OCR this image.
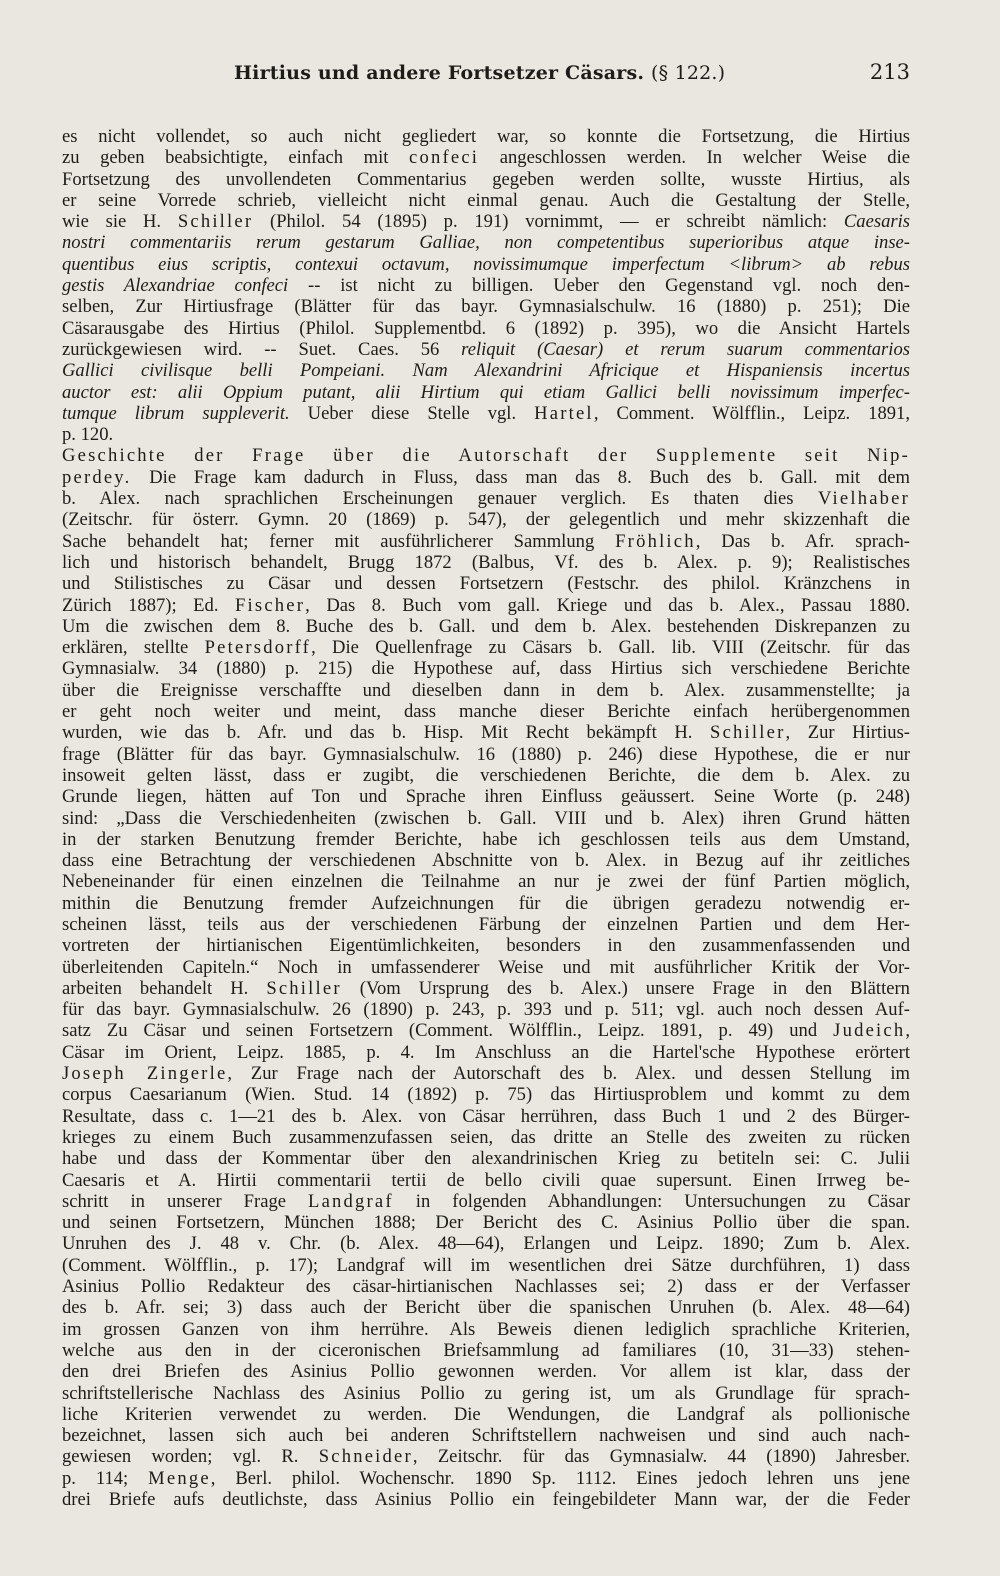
Hirtius und andere Fortsetzer Cäsars. (§ 122.)	213
es nicht vollendet, so auch nicht gegliedert war, so konnte die Fortsetzung, die Hirtius
zu geben beabsichtigte, einfach mit confeci angeschlossen werden. In welcher Weise die
Fortsetzung des unvollendeten Commentarius gegeben werden sollte, wusste Hirtius, als
er seine Vorrede schrieb, vielleicht nicht einmal genau. Auch die Gestaltung der Stelle,
wie sie H. Schiller (Philol. 54 (1895) p. 191) vornimmt, — er schreibt nämlich: Caesaris
nostri commentariis rerum gestarum Galliae, non competentibus superioribus atque inse-
quentibus eius scriptis, contexui octavum, novissimumque imperfectum <librum> ab rebus
gestis Alexandriae confeci -- ist nicht zu billigen. Ueber den Gegenstand vgl. noch den-
selben, Zur Hirtiusfrage (Blätter für das bayr. Gymnasialschulw. 16 (1880) p. 251); Die
Cäsarausgabe des Hirtius (Philol. Supplementbd. 6 (1892) p. 395), wo die Ansicht Hartels
zurückgewiesen wird. -- Suet. Caes. 56 reliquit (Caesar) et rerum suarum commentarios
Gallici civilisque belli Pompeiani. Nam Alexandrini Africique et Hispaniensis incertus
auctor est: alii Oppium putant, alii Hirtium qui etiam Gallici belli novissimum imperfec-
tumque librum suppleverit. Ueber diese Stelle vgl. Hartel, Comment. Wölfflin., Leipz. 1891,
p. 120.
Geschichte der Frage über die Autorschaft der Supplemente seit Nip-
perdey. Die Frage kam dadurch in Fluss, dass man das 8. Buch des b. Gall. mit dem
b. Alex. nach sprachlichen Erscheinungen genauer verglich. Es thaten dies Vielhaber
(Zeitschr. für österr. Gymn. 20 (1869) p. 547), der gelegentlich und mehr skizzenhaft die
Sache behandelt hat; ferner mit ausführlicherer Sammlung Fröhlich, Das b. Afr. sprach-
lich und historisch behandelt, Brugg 1872 (Balbus, Vf. des b. Alex. p. 9); Realistisches
und Stilistisches zu Cäsar und dessen Fortsetzern (Festschr. des philol. Kränzchens in
Zürich 1887); Ed. Fischer, Das 8. Buch vom gall. Kriege und das b. Alex., Passau 1880.
Um die zwischen dem 8. Buche des b. Gall. und dem b. Alex. bestehenden Diskrepanzen zu
erklären, stellte Petersdorff, Die Quellenfrage zu Cäsars b. Gall. lib. VIII (Zeitschr. für das
Gymnasialw. 34 (1880) p. 215) die Hypothese auf, dass Hirtius sich verschiedene Berichte
über die Ereignisse verschaffte und dieselben dann in dem b. Alex. zusammenstellte; ja
er geht noch weiter und meint, dass manche dieser Berichte einfach herübergenommen
wurden, wie das b. Afr. und das b. Hisp. Mit Recht bekämpft H. Schiller, Zur Hirtius-
frage (Blätter für das bayr. Gymnasialschulw. 16 (1880) p. 246) diese Hypothese, die er nur
insoweit gelten lässt, dass er zugibt, die verschiedenen Berichte, die dem b. Alex. zu
Grunde liegen, hätten auf Ton und Sprache ihren Einfluss geäussert. Seine Worte (p. 248)
sind: „Dass die Verschiedenheiten (zwischen b. Gall. VIII und b. Alex) ihren Grund hätten
in der starken Benutzung fremder Berichte, habe ich geschlossen teils aus dem Umstand,
dass eine Betrachtung der verschiedenen Abschnitte von b. Alex. in Bezug auf ihr zeitliches
Nebeneinander für einen einzelnen die Teilnahme an nur je zwei der fünf Partien möglich,
mithin die Benutzung fremder Aufzeichnungen für die übrigen geradezu notwendig er-
scheinen lässt, teils aus der verschiedenen Färbung der einzelnen Partien und dem Her-
vortreten der hirtianischen Eigentümlichkeiten, besonders in den zusammenfassenden und
überleitenden Capiteln.“ Noch in umfassenderer Weise und mit ausführlicher Kritik der Vor-
arbeiten behandelt H. Schiller (Vom Ursprung des b. Alex.) unsere Frage in den Blättern
für das bayr. Gymnasialschulw. 26 (1890) p. 243, p. 393 und p. 511; vgl. auch noch dessen Auf-
satz Zu Cäsar und seinen Fortsetzern (Comment. Wölfflin., Leipz. 1891, p. 49) und Judeich,
Cäsar im Orient, Leipz. 1885, p. 4. Im Anschluss an die Hartel'sche Hypothese erörtert
Joseph Zingerle, Zur Frage nach der Autorschaft des b. Alex. und dessen Stellung im
corpus Caesarianum (Wien. Stud. 14 (1892) p. 75) das Hirtiusproblem und kommt zu dem
Resultate, dass c. 1—21 des b. Alex. von Cäsar herrühren, dass Buch 1 und 2 des Bürger-
krieges zu einem Buch zusammenzufassen seien, das dritte an Stelle des zweiten zu rücken
habe und dass der Kommentar über den alexandrinischen Krieg zu betiteln sei: C. Julii
Caesaris et A. Hirtii commentarii tertii de bello civili quae supersunt. Einen Irrweg be-
schritt in unserer Frage Landgraf in folgenden Abhandlungen: Untersuchungen zu Cäsar
und seinen Fortsetzern, München 1888; Der Bericht des C. Asinius Pollio über die span.
Unruhen des J. 48 v. Chr. (b. Alex. 48—64), Erlangen und Leipz. 1890; Zum b. Alex.
(Comment. Wölfflin., p. 17); Landgraf will im wesentlichen drei Sätze durchführen, 1) dass
Asinius Pollio Redakteur des cäsar-hirtianischen Nachlasses sei; 2) dass er der Verfasser
des b. Afr. sei; 3) dass auch der Bericht über die spanischen Unruhen (b. Alex. 48—64)
im grossen Ganzen von ihm herrühre. Als Beweis dienen lediglich sprachliche Kriterien,
welche aus den in der ciceronischen Briefsammlung ad familiares (10, 31—33) stehen-
den drei Briefen des Asinius Pollio gewonnen werden. Vor allem ist klar, dass der
schriftstellerische Nachlass des Asinius Pollio zu gering ist, um als Grundlage für sprach-
liche Kriterien verwendet zu werden. Die Wendungen, die Landgraf als pollionische
bezeichnet, lassen sich auch bei anderen Schriftstellern nachweisen und sind auch nach-
gewiesen worden; vgl. R. Schneider, Zeitschr. für das Gymnasialw. 44 (1890) Jahresber.
p. 114; Menge, Berl. philol. Wochenschr. 1890 Sp. 1112. Eines jedoch lehren uns jene
drei Briefe aufs deutlichste, dass Asinius Pollio ein feingebildeter Mann war, der die Feder
